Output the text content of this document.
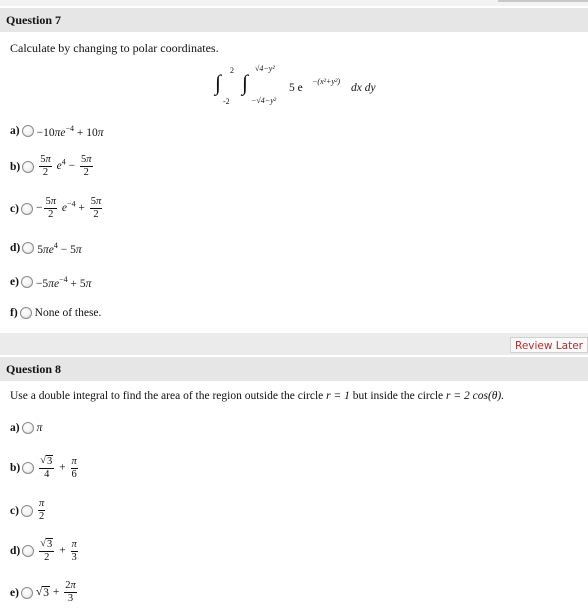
Question 7
Calculate by changing to polar coordinates.
∫ 2
-2
∫
√4−y²
−√4−y²
5 e
−(x²+y²)
dx dy
$a) -10\pi e^{-4} + 10\pi$
$b) \frac{5\pi}{2} e^4 - \frac{5\pi}{2}$
$c) - \frac{5\pi}{2} e^{-4} + \frac{5\pi}{2}$
d) $5\pi e^4 - 5\pi$
$e) -5\pi e^{-4} + 5\pi$
f) None of these.
Review Later
Question 8
Use a double integral to find the area of the region outside the circle r = 1 but inside the circle r = 2 cos(θ).
a) π
$b) \frac{√ 3}{4} + \frac{\pi}{6}$
$c) \frac{\pi}{2}$
$d) \frac{√ 3}{2} + \frac{\pi}{3}$
e) √ $3 + \frac{2\pi}{3}$
